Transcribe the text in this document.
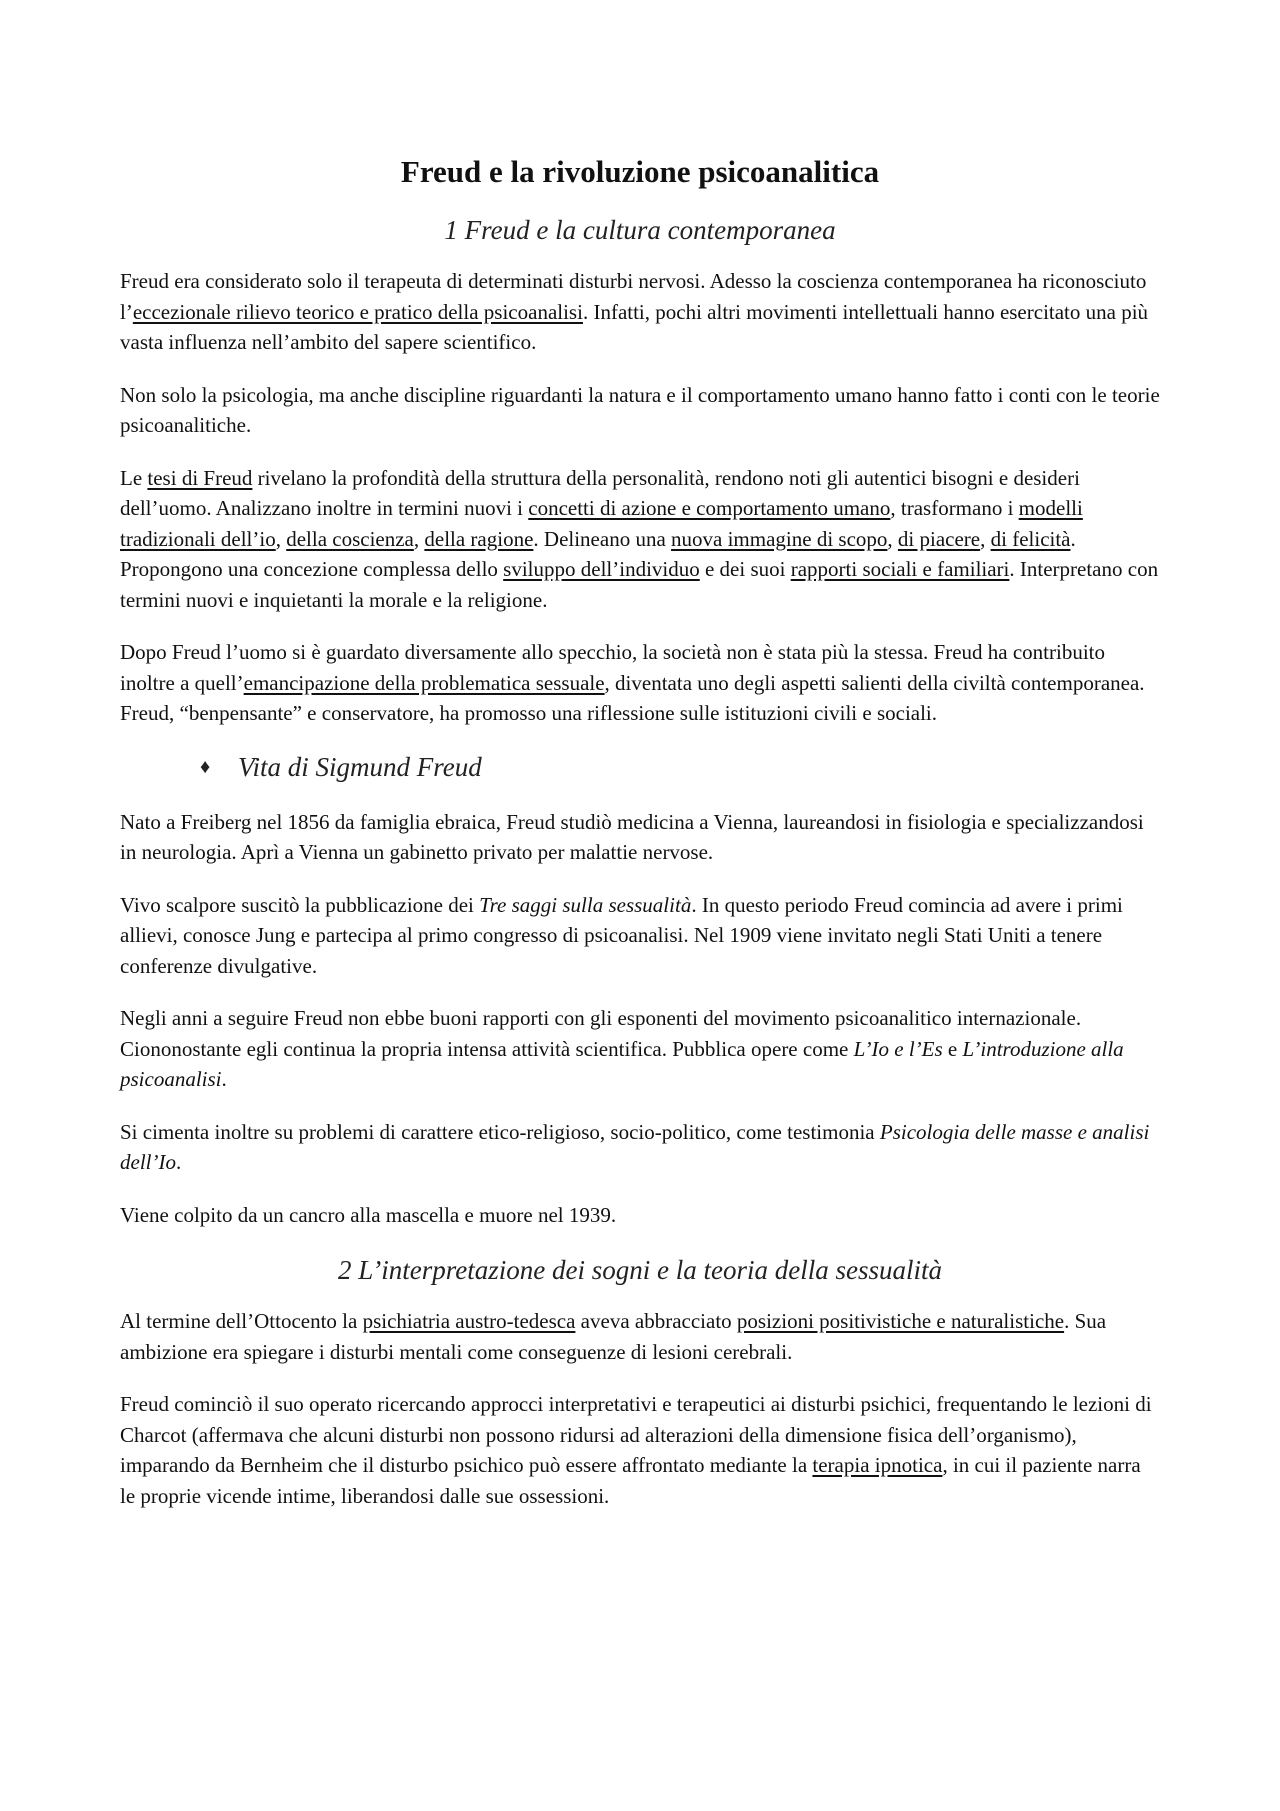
Freud e la rivoluzione psicoanalitica
1 Freud e la cultura contemporanea

Freud era considerato solo il terapeuta di determinati disturbi nervosi. Adesso la coscienza contemporanea ha riconosciuto l’eccezionale rilievo teorico e pratico della psicoanalisi. Infatti, pochi altri movimenti intellettuali hanno esercitato una più vasta influenza nell’ambito del sapere scientifico.

Non solo la psicologia, ma anche discipline riguardanti la natura e il comportamento umano hanno fatto i conti con le teorie psicoanalitiche.

Le tesi di Freud rivelano la profondità della struttura della personalità, rendono noti gli autentici bisogni e desideri dell’uomo. Analizzano inoltre in termini nuovi i concetti di azione e comportamento umano, trasformano i modelli tradizionali dell’io, della coscienza, della ragione. Delineano una nuova immagine di scopo, di piacere, di felicità. Propongono una concezione complessa dello sviluppo dell’individuo e dei suoi rapporti sociali e familiari. Interpretano con termini nuovi e inquietanti la morale e la religione.

Dopo Freud l’uomo si è guardato diversamente allo specchio, la società non è stata più la stessa. Freud ha contribuito inoltre a quell’emancipazione della problematica sessuale, diventata uno degli aspetti salienti della civiltà contemporanea. Freud, “benpensante” e conservatore, ha promosso una riflessione sulle istituzioni civili e sociali.

♦ Vita di Sigmund Freud

Nato a Freiberg nel 1856 da famiglia ebraica, Freud studiò medicina a Vienna, laureandosi in fisiologia e specializzandosi in neurologia. Aprì a Vienna un gabinetto privato per malattie nervose.

Vivo scalpore suscitò la pubblicazione dei Tre saggi sulla sessualità. In questo periodo Freud comincia ad avere i primi allievi, conosce Jung e partecipa al primo congresso di psicoanalisi. Nel 1909 viene invitato negli Stati Uniti a tenere conferenze divulgative.

Negli anni a seguire Freud non ebbe buoni rapporti con gli esponenti del movimento psicoanalitico internazionale. Ciononostante egli continua la propria intensa attività scientifica. Pubblica opere come L’Io e l’Es e L’introduzione alla psicoanalisi.

Si cimenta inoltre su problemi di carattere etico-religioso, socio-politico, come testimonia Psicologia delle masse e analisi dell’Io.

Viene colpito da un cancro alla mascella e muore nel 1939.

2 L’interpretazione dei sogni e la teoria della sessualità

Al termine dell’Ottocento la psichiatria austro-tedesca aveva abbracciato posizioni positivistiche e naturalistiche. Sua ambizione era spiegare i disturbi mentali come conseguenze di lesioni cerebrali.

Freud cominciò il suo operato ricercando approcci interpretativi e terapeutici ai disturbi psichici, frequentando le lezioni di Charcot (affermava che alcuni disturbi non possono ridursi ad alterazioni della dimensione fisica dell’organismo), imparando da Bernheim che il disturbo psichico può essere affrontato mediante la terapia ipnotica, in cui il paziente narra le proprie vicende intime, liberandosi dalle sue ossessioni.
